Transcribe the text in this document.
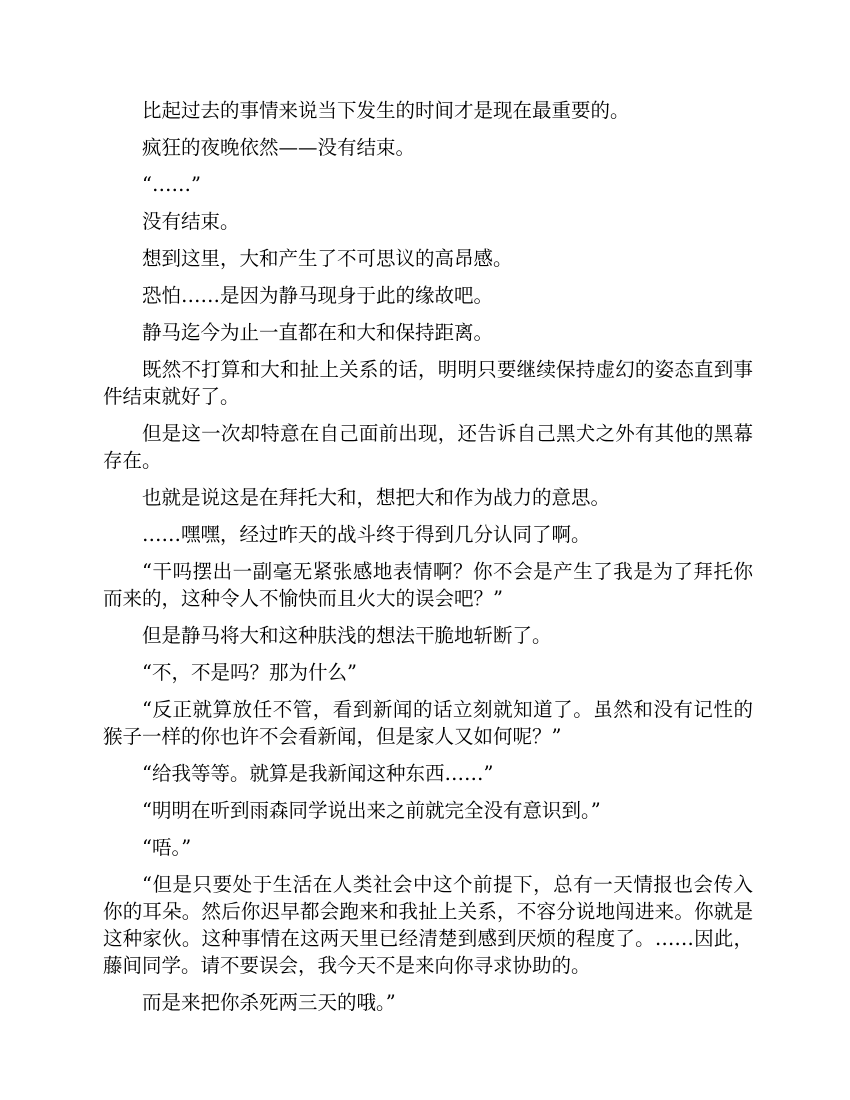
比起过去的事情来说当下发生的时间才是现在最重要的。

疯狂的夜晚依然——没有结束。

“……”

没有结束。

想到这里，大和产生了不可思议的高昂感。

恐怕……是因为静马现身于此的缘故吧。

静马迄今为止一直都在和大和保持距离。

既然不打算和大和扯上关系的话，明明只要继续保持虚幻的姿态直到事件结束就好了。

但是这一次却特意在自己面前出现，还告诉自己黑犬之外有其他的黑幕存在。

也就是说这是在拜托大和，想把大和作为战力的意思。

……嘿嘿，经过昨天的战斗终于得到几分认同了啊。

“干吗摆出一副毫无紧张感地表情啊？你不会是产生了我是为了拜托你而来的，这种令人不愉快而且火大的误会吧？”

但是静马将大和这种肤浅的想法干脆地斩断了。

“不，不是吗？那为什么”

“反正就算放任不管，看到新闻的话立刻就知道了。虽然和没有记性的猴子一样的你也许不会看新闻，但是家人又如何呢？”

“给我等等。就算是我新闻这种东西……”

“明明在听到雨森同学说出来之前就完全没有意识到。”

“唔。”

“但是只要处于生活在人类社会中这个前提下，总有一天情报也会传入你的耳朵。然后你迟早都会跑来和我扯上关系，不容分说地闯进来。你就是这种家伙。这种事情在这两天里已经清楚到感到厌烦的程度了。……因此，藤间同学。请不要误会，我今天不是来向你寻求协助的。

而是来把你杀死两三天的哦。”
